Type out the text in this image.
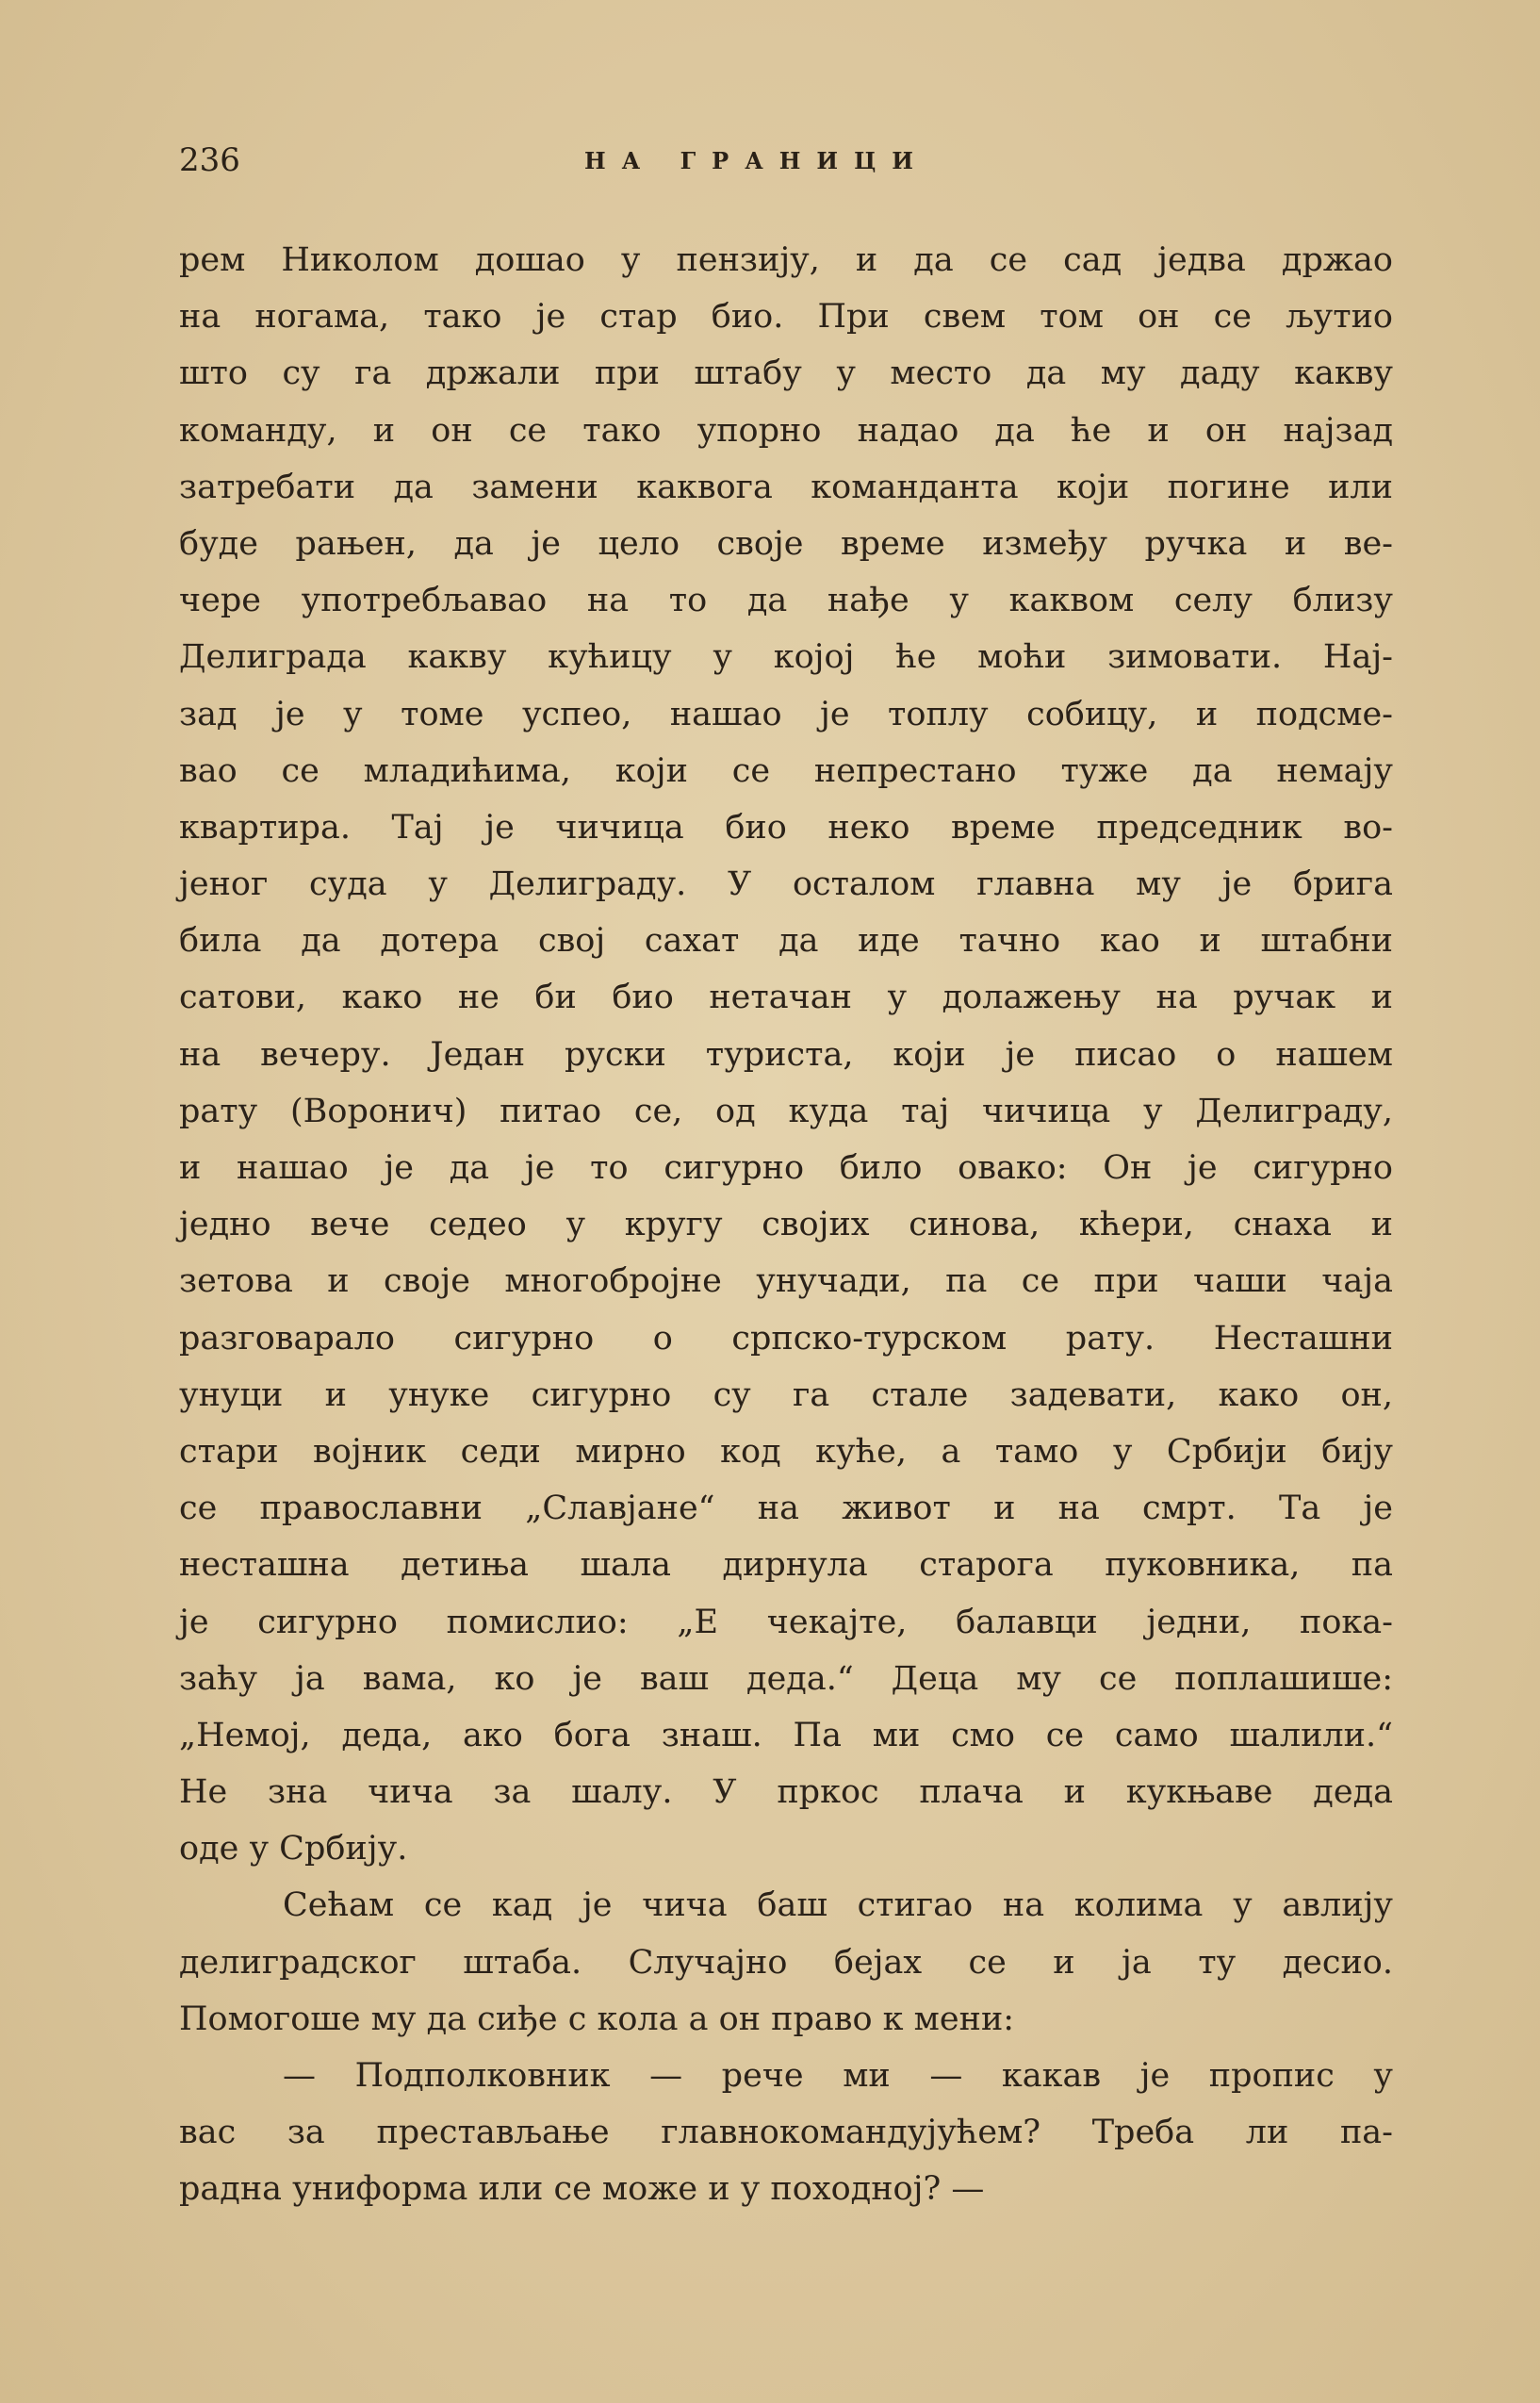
236	НА ГРАНИЦИ
рем Николом дошао у пензију, и да се сад једва држао
на ногама, тако је стар био. При свем том он се љутио
што су га држали при штабу у место да му даду какву
команду, и он се тако упорно надао да ће и он најзад
затребати да замени каквога команданта који погине или
буде рањен, да је цело своје време између ручка и ве-
чере употребљавао на то да нађе у каквом селу близу
Делиграда какву кућицу у којој ће моћи зимовати. Нај-
зад је у томе успео, нашао је топлу собицу, и подсме-
вао се младићима, који се непрестано туже да немају
квартира. Тај је чичица био неко време председник во-
јеног суда у Делиграду. У осталом главна му је брига
била да дотера свој сахат да иде тачно као и штабни
сатови, како не би био нетачан у долажењу на ручак и
на вечеру. Један руски туриста, који је писао о нашем
рату (Воронич) питао се, од куда тај чичица у Делиграду,
и нашао је да је то сигурно било овако: Он је сигурно
једно вече седео у кругу својих синова, кћери, снаха и
зетова и своје многобројне унучади, па се при чаши чаја
разговарало сигурно о српско-турском рату. Несташни
унуци и унуке сигурно су га стале задевати, како он,
стари војник седи мирно код куће, а тамо у Србији бију
се православни „Славјане“ на живот и на смрт. Та је
несташна детиња шала дирнула старога пуковника, па
је сигурно помислио: „Е чекајте, балавци једни, пока-
заћу ја вама, ко је ваш деда.“ Деца му се поплашише:
„Немој, деда, ако бога знаш. Па ми смо се само шалили.“
Не зна чича за шалу. У пркос плача и кукњаве деда
оде у Србију.
Сећам се кад је чича баш стигао на колима у авлију
делиградског штаба. Случајно бејах се и ја ту десио.
Помогоше му да сиђе с кола а он право к мени:
— Подполковник — рече ми — какав је пропис у
вас за престављање главнокомандујућем? Треба ли па-
радна униформа или се може и у походној? —
